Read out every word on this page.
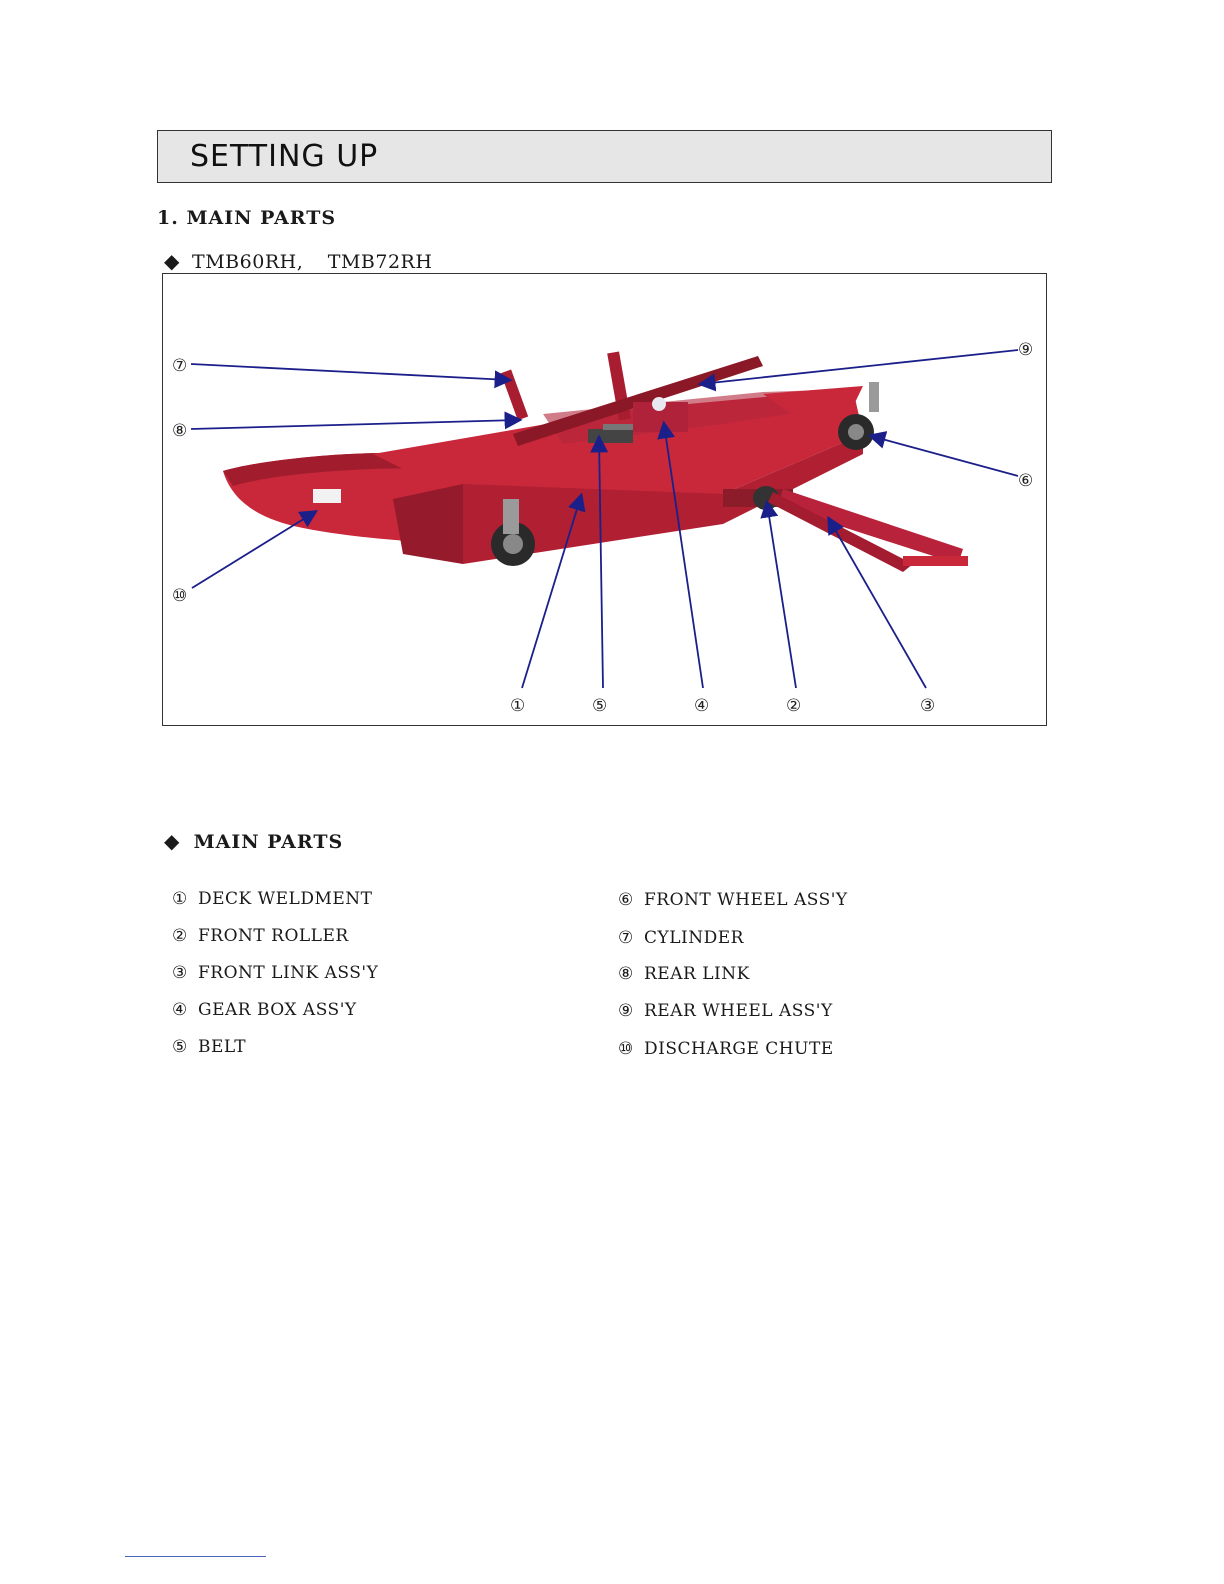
SETTING UP
1. MAIN PARTS
◆ TMB60RH, TMB72RH
⑦
⑧
⑩
⑨
⑥
①	⑤	④	②	③
◆ MAIN PARTS
① DECK WELDMENT
② FRONT ROLLER
③ FRONT LINK ASS'Y
④ GEAR BOX ASS'Y
⑤ BELT
⑥ FRONT WHEEL ASS'Y
⑦ CYLINDER
⑧ REAR LINK
⑨ REAR WHEEL ASS'Y
⑩ DISCHARGE CHUTE
